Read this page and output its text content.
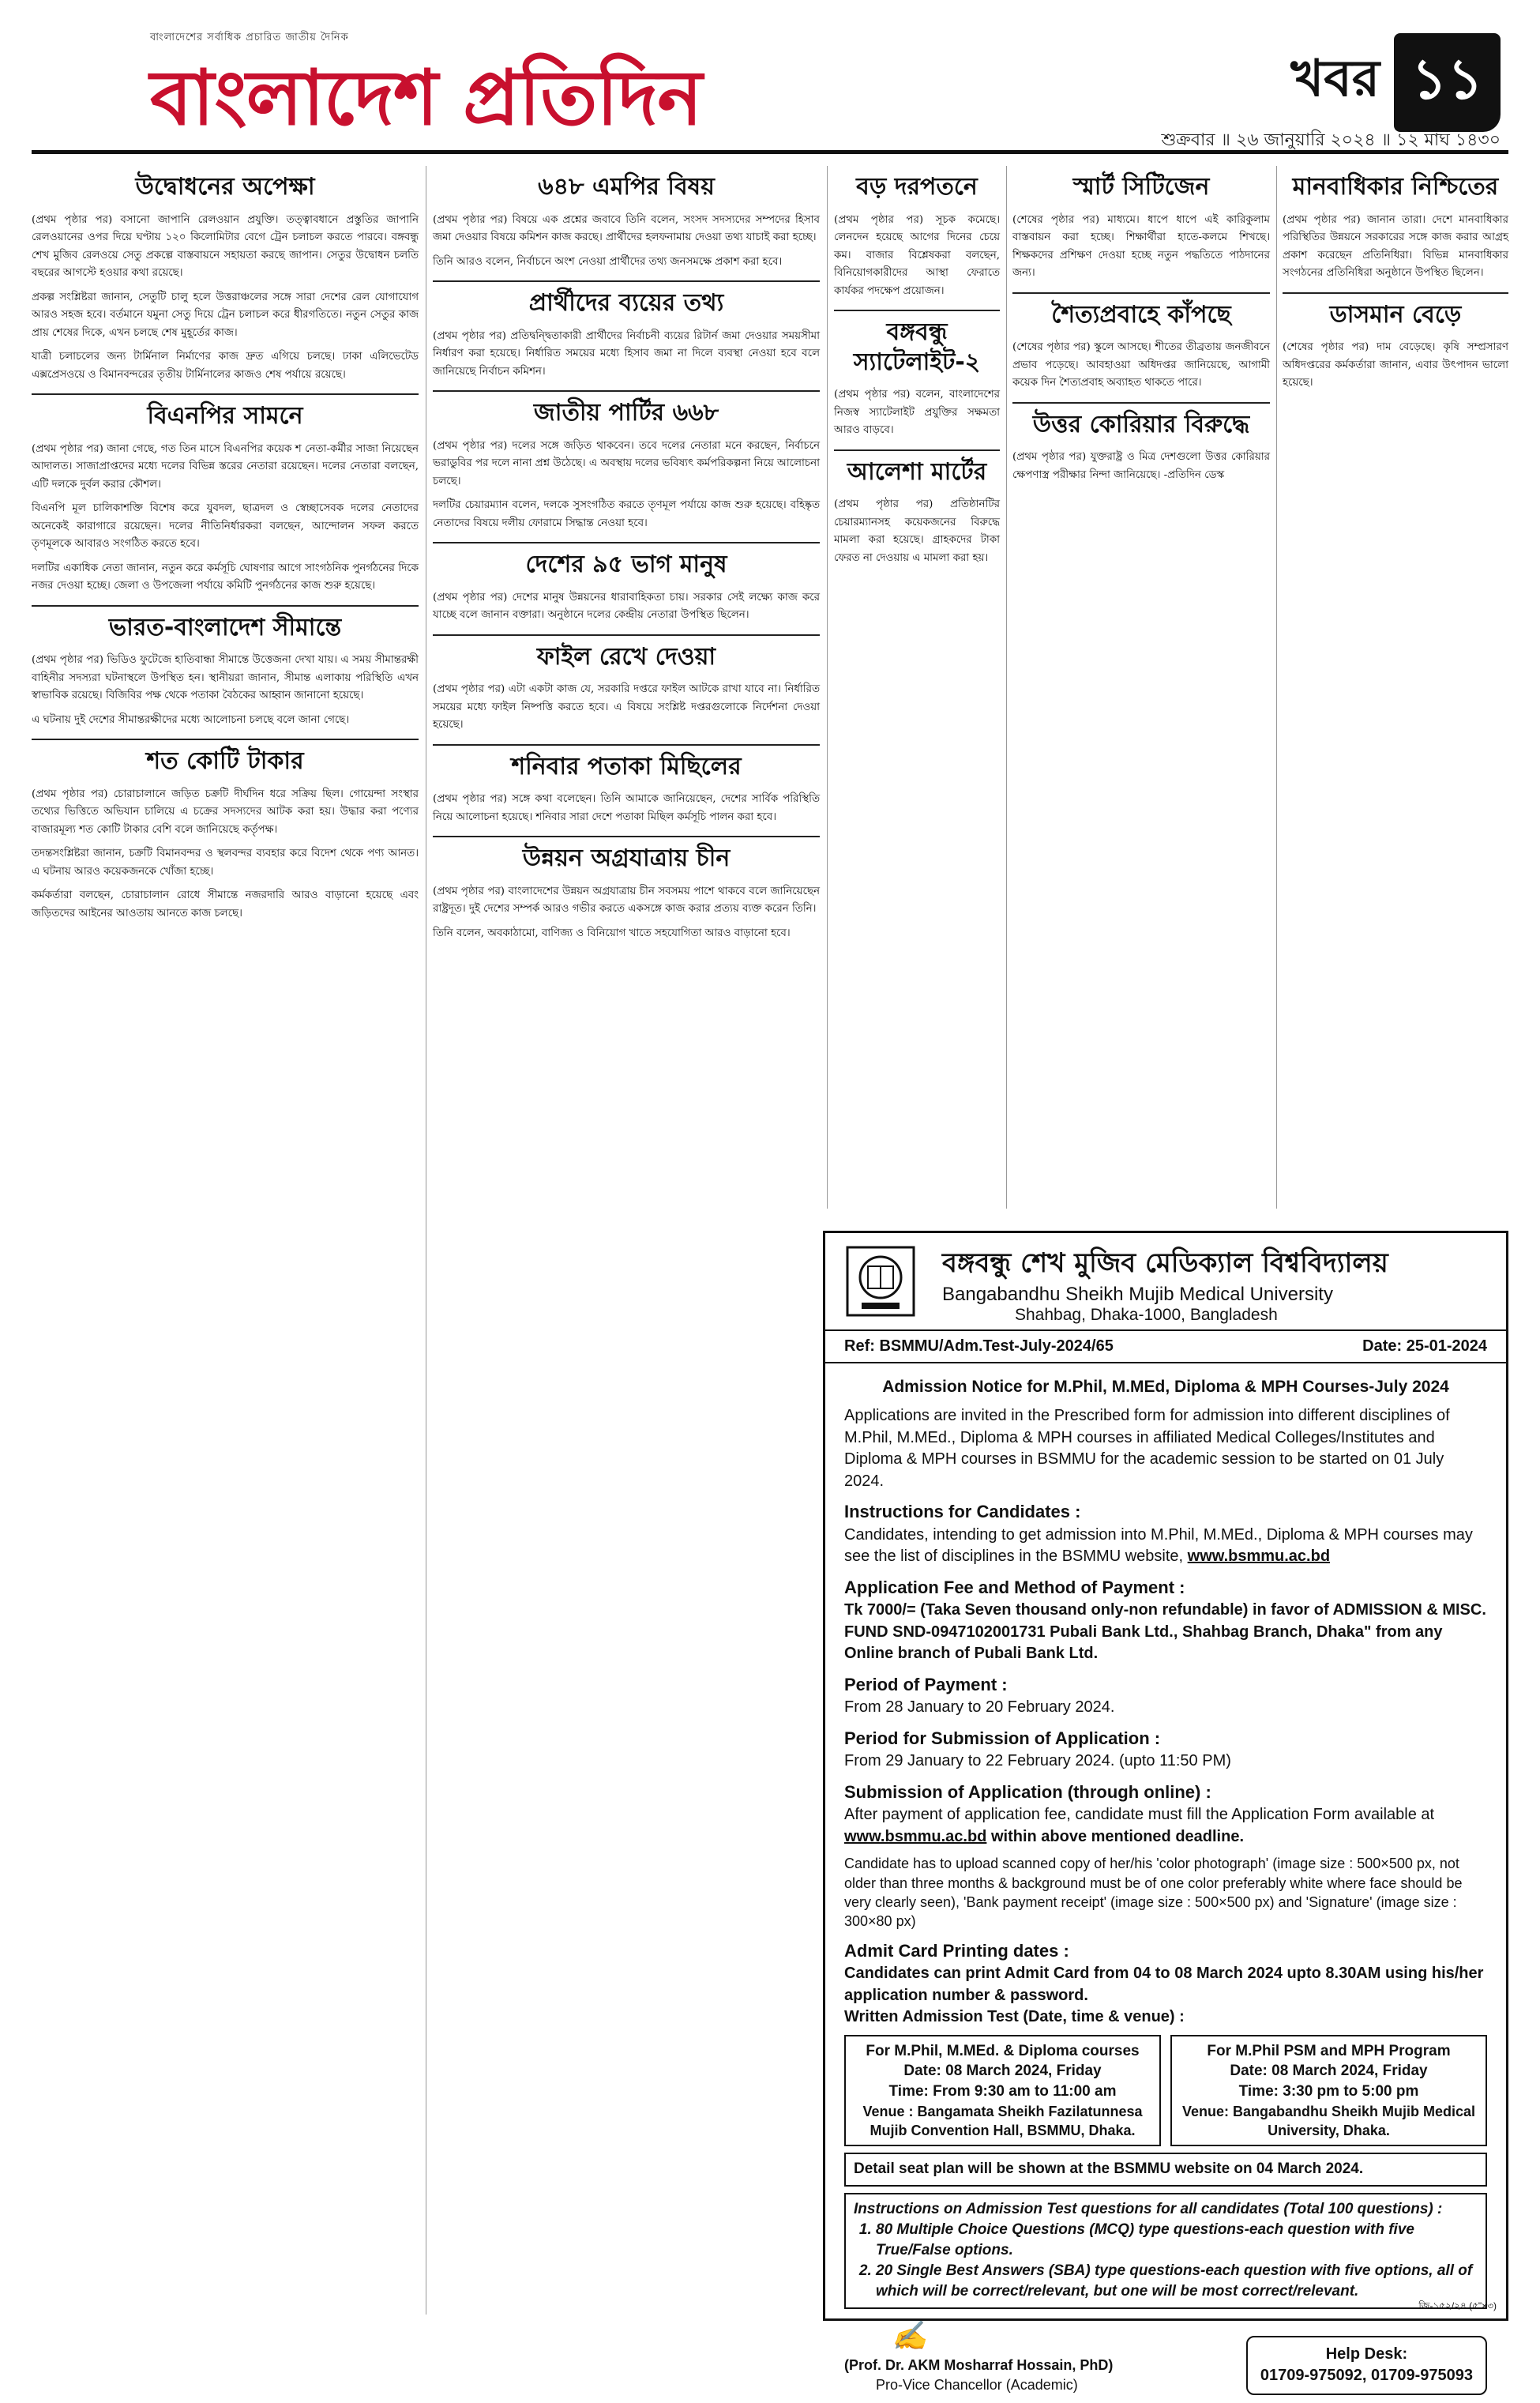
বাংলাদেশের সর্বাধিক প্রচারিত জাতীয় দৈনিক
বাংলাদেশ প্রতিদিন	খবর ১১
শুক্রবার ॥ ২৬ জানুয়ারি ২০২৪ ॥ ১২ মাঘ ১৪৩০
উদ্বোধনের অপেক্ষা

(প্রথম পৃষ্ঠার পর) বসানো জাপানি রেলওয়ান প্রযুক্তি। তত্ত্বাবধানে প্রস্তুতির জাপানি রেলওয়ানের ওপর দিয়ে ঘণ্টায় ১২০ কিলোমিটার বেগে ট্রেন চলাচল করতে পারবে। বঙ্গবন্ধু শেখ মুজিব রেলওয়ে সেতু প্রকল্পে বাস্তবায়নে সহায়তা করছে জাপান। সেতুর উদ্বোধন চলতি বছরের আগস্টে হওয়ার কথা রয়েছে।

প্রকল্প সংশ্লিষ্টরা জানান, সেতুটি চালু হলে উত্তরাঞ্চলের সঙ্গে সারা দেশের রেল যোগাযোগ আরও সহজ হবে। বর্তমানে যমুনা সেতু দিয়ে ট্রেন চলাচল করে ধীরগতিতে। নতুন সেতুর কাজ প্রায় শেষের দিকে, এখন চলছে শেষ মুহূর্তের কাজ।

যাত্রী চলাচলের জন্য টার্মিনাল নির্মাণের কাজ দ্রুত এগিয়ে চলছে। ঢাকা এলিভেটেড এক্সপ্রেসওয়ে ও বিমানবন্দরের তৃতীয় টার্মিনালের কাজও শেষ পর্যায়ে রয়েছে।

বিএনপির সামনে

(প্রথম পৃষ্ঠার পর) জানা গেছে, গত তিন মাসে বিএনপির কয়েক শ নেতা-কর্মীর সাজা নিয়েছেন আদালত। সাজাপ্রাপ্তদের মধ্যে দলের বিভিন্ন স্তরের নেতারা রয়েছেন। দলের নেতারা বলছেন, এটি দলকে দুর্বল করার কৌশল।

বিএনপি মূল চালিকাশক্তি বিশেষ করে যুবদল, ছাত্রদল ও স্বেচ্ছাসেবক দলের নেতাদের অনেকেই কারাগারে রয়েছেন। দলের নীতিনির্ধারকরা বলছেন, আন্দোলন সফল করতে তৃণমূলকে আবারও সংগঠিত করতে হবে।

দলটির একাধিক নেতা জানান, নতুন করে কর্মসূচি ঘোষণার আগে সাংগঠনিক পুনর্গঠনের দিকে নজর দেওয়া হচ্ছে। জেলা ও উপজেলা পর্যায়ে কমিটি পুনর্গঠনের কাজ শুরু হয়েছে।

ভারত-বাংলাদেশ সীমান্তে

(প্রথম পৃষ্ঠার পর) ভিডিও ফুটেজে হাতিবান্ধা সীমান্তে উত্তেজনা দেখা যায়। এ সময় সীমান্তরক্ষী বাহিনীর সদস্যরা ঘটনাস্থলে উপস্থিত হন। স্থানীয়রা জানান, সীমান্ত এলাকায় পরিস্থিতি এখন স্বাভাবিক রয়েছে। বিজিবির পক্ষ থেকে পতাকা বৈঠকের আহ্বান জানানো হয়েছে।

এ ঘটনায় দুই দেশের সীমান্তরক্ষীদের মধ্যে আলোচনা চলছে বলে জানা গেছে।

শত কোটি টাকার

(প্রথম পৃষ্ঠার পর) চোরাচালানে জড়িত চক্রটি দীর্ঘদিন ধরে সক্রিয় ছিল। গোয়েন্দা সংস্থার তথ্যের ভিত্তিতে অভিযান চালিয়ে এ চক্রের সদস্যদের আটক করা হয়। উদ্ধার করা পণ্যের বাজারমূল্য শত কোটি টাকার বেশি বলে জানিয়েছে কর্তৃপক্ষ।

তদন্তসংশ্লিষ্টরা জানান, চক্রটি বিমানবন্দর ও স্থলবন্দর ব্যবহার করে বিদেশ থেকে পণ্য আনত। এ ঘটনায় আরও কয়েকজনকে খোঁজা হচ্ছে।

কর্মকর্তারা বলছেন, চোরাচালান রোধে সীমান্তে নজরদারি আরও বাড়ানো হয়েছে এবং জড়িতদের আইনের আওতায় আনতে কাজ চলছে।

৬৪৮ এমপির বিষয়

(প্রথম পৃষ্ঠার পর) বিষয়ে এক প্রশ্নের জবাবে তিনি বলেন, সংসদ সদস্যদের সম্পদের হিসাব জমা দেওয়ার বিষয়ে কমিশন কাজ করছে। প্রার্থীদের হলফনামায় দেওয়া তথ্য যাচাই করা হচ্ছে।

তিনি আরও বলেন, নির্বাচনে অংশ নেওয়া প্রার্থীদের তথ্য জনসমক্ষে প্রকাশ করা হবে।

প্রার্থীদের ব্যয়ের তথ্য

(প্রথম পৃষ্ঠার পর) প্রতিদ্বন্দ্বিতাকারী প্রার্থীদের নির্বাচনী ব্যয়ের রিটার্ন জমা দেওয়ার সময়সীমা নির্ধারণ করা হয়েছে। নির্ধারিত সময়ের মধ্যে হিসাব জমা না দিলে ব্যবস্থা নেওয়া হবে বলে জানিয়েছে নির্বাচন কমিশন।

জাতীয় পার্টির ৬৬৮

(প্রথম পৃষ্ঠার পর) দলের সঙ্গে জড়িত থাকবেন। তবে দলের নেতারা মনে করছেন, নির্বাচনে ভরাডুবির পর দলে নানা প্রশ্ন উঠেছে। এ অবস্থায় দলের ভবিষ্যৎ কর্মপরিকল্পনা নিয়ে আলোচনা চলছে।

দলটির চেয়ারম্যান বলেন, দলকে সুসংগঠিত করতে তৃণমূল পর্যায়ে কাজ শুরু হয়েছে। বহিষ্কৃত নেতাদের বিষয়ে দলীয় ফোরামে সিদ্ধান্ত নেওয়া হবে।

দেশের ৯৫ ভাগ মানুষ

(প্রথম পৃষ্ঠার পর) দেশের মানুষ উন্নয়নের ধারাবাহিকতা চায়। সরকার সেই লক্ষ্যে কাজ করে যাচ্ছে বলে জানান বক্তারা। অনুষ্ঠানে দলের কেন্দ্রীয় নেতারা উপস্থিত ছিলেন।

ফাইল রেখে দেওয়া

(প্রথম পৃষ্ঠার পর) এটা একটা কাজ যে, সরকারি দপ্তরে ফাইল আটকে রাখা যাবে না। নির্ধারিত সময়ের মধ্যে ফাইল নিষ্পত্তি করতে হবে। এ বিষয়ে সংশ্লিষ্ট দপ্তরগুলোকে নির্দেশনা দেওয়া হয়েছে।

শনিবার পতাকা মিছিলের

(প্রথম পৃষ্ঠার পর) সঙ্গে কথা বলেছেন। তিনি আমাকে জানিয়েছেন, দেশের সার্বিক পরিস্থিতি নিয়ে আলোচনা হয়েছে। শনিবার সারা দেশে পতাকা মিছিল কর্মসূচি পালন করা হবে।

উন্নয়ন অগ্রযাত্রায় চীন

(প্রথম পৃষ্ঠার পর) বাংলাদেশের উন্নয়ন অগ্রযাত্রায় চীন সবসময় পাশে থাকবে বলে জানিয়েছেন রাষ্ট্রদূত। দুই দেশের সম্পর্ক আরও গভীর করতে একসঙ্গে কাজ করার প্রত্যয় ব্যক্ত করেন তিনি।

তিনি বলেন, অবকাঠামো, বাণিজ্য ও বিনিয়োগ খাতে সহযোগিতা আরও বাড়ানো হবে।

বড় দরপতনে

(প্রথম পৃষ্ঠার পর) সূচক কমেছে। লেনদেন হয়েছে আগের দিনের চেয়ে কম। বাজার বিশ্লেষকরা বলছেন, বিনিয়োগকারীদের আস্থা ফেরাতে কার্যকর পদক্ষেপ প্রয়োজন।

বঙ্গবন্ধু স্যাটেলাইট-২

(প্রথম পৃষ্ঠার পর) বলেন, বাংলাদেশের নিজস্ব স্যাটেলাইট প্রযুক্তির সক্ষমতা আরও বাড়বে।

আলেশা মার্টের

(প্রথম পৃষ্ঠার পর) প্রতিষ্ঠানটির চেয়ারম্যানসহ কয়েকজনের বিরুদ্ধে মামলা করা হয়েছে। গ্রাহকদের টাকা ফেরত না দেওয়ায় এ মামলা করা হয়।

স্মার্ট সিটিজেন

(শেষের পৃষ্ঠার পর) মাধ্যমে। ধাপে ধাপে এই কারিকুলাম বাস্তবায়ন করা হচ্ছে। শিক্ষার্থীরা হাতে-কলমে শিখছে। শিক্ষকদের প্রশিক্ষণ দেওয়া হচ্ছে নতুন পদ্ধতিতে পাঠদানের জন্য।

শৈত্যপ্রবাহে কাঁপছে

(শেষের পৃষ্ঠার পর) স্কুলে আসছে। শীতের তীব্রতায় জনজীবনে প্রভাব পড়েছে। আবহাওয়া অধিদপ্তর জানিয়েছে, আগামী কয়েক দিন শৈত্যপ্রবাহ অব্যাহত থাকতে পারে।

উত্তর কোরিয়ার বিরুদ্ধে

(প্রথম পৃষ্ঠার পর) যুক্তরাষ্ট্র ও মিত্র দেশগুলো উত্তর কোরিয়ার ক্ষেপণাস্ত্র পরীক্ষার নিন্দা জানিয়েছে। -প্রতিদিন ডেস্ক

মানবাধিকার নিশ্চিতের

(প্রথম পৃষ্ঠার পর) জানান তারা। দেশে মানবাধিকার পরিস্থিতির উন্নয়নে সরকারের সঙ্গে কাজ করার আগ্রহ প্রকাশ করেছেন প্রতিনিধিরা। বিভিন্ন মানবাধিকার সংগঠনের প্রতিনিধিরা অনুষ্ঠানে উপস্থিত ছিলেন।

ডাসমান বেড়ে

(শেষের পৃষ্ঠার পর) দাম বেড়েছে। কৃষি সম্প্রসারণ অধিদপ্তরের কর্মকর্তারা জানান, এবার উৎপাদন ভালো হয়েছে।

বঙ্গবন্ধু শেখ মুজিব মেডিক্যাল বিশ্ববিদ্যালয়
Bangabandhu Sheikh Mujib Medical University
Shahbag, Dhaka-1000, Bangladesh
Ref: BSMMU/Adm.Test-July-2024/65	Date: 25-01-2024
Admission Notice for M.Phil, M.MEd, Diploma & MPH Courses-July 2024
Applications are invited in the Prescribed form for admission into different disciplines of M.Phil, M.MEd., Diploma & MPH courses in affiliated Medical Colleges/Institutes and Diploma & MPH courses in BSMMU for the academic session to be started on 01 July 2024.
Instructions for Candidates :
Candidates, intending to get admission into M.Phil, M.MEd., Diploma & MPH courses may see the list of disciplines in the BSMMU website, www.bsmmu.ac.bd
Application Fee and Method of Payment :
Tk 7000/= (Taka Seven thousand only-non refundable) in favor of ADMISSION & MISC. FUND SND-0947102001731 Pubali Bank Ltd., Shahbag Branch, Dhaka" from any Online branch of Pubali Bank Ltd.
Period of Payment :
From 28 January to 20 February 2024.
Period for Submission of Application :
From 29 January to 22 February 2024. (upto 11:50 PM)
Submission of Application (through online) :
After payment of application fee, candidate must fill the Application Form available at www.bsmmu.ac.bd within above mentioned deadline.
Candidate has to upload scanned copy of her/his 'color photograph' (image size : 500×500 px, not older than three months & background must be of one color preferably white where face should be very clearly seen), 'Bank payment receipt' (image size : 500×500 px) and 'Signature' (image size : 300×80 px)
Admit Card Printing dates :
Candidates can print Admit Card from 04 to 08 March 2024 upto 8.30AM using his/her application number & password.
Written Admission Test (Date, time & venue) :
For M.Phil, M.MEd. & Diploma courses
Date: 08 March 2024, Friday
Time: From 9:30 am to 11:00 am
Venue : Bangamata Sheikh Fazilatunnesa Mujib Convention Hall, BSMMU, Dhaka.
For M.Phil PSM and MPH Program
Date: 08 March 2024, Friday
Time: 3:30 pm to 5:00 pm
Venue: Bangabandhu Sheikh Mujib Medical University, Dhaka.
Detail seat plan will be shown at the BSMMU website on 04 March 2024.
Instructions on Admission Test questions for all candidates (Total 100 questions) :
1. 80 Multiple Choice Questions (MCQ) type questions-each question with five True/False options.
2. 20 Single Best Answers (SBA) type questions-each question with five options, all of which will be correct/relevant, but one will be most correct/relevant.
✍
(Prof. Dr. AKM Mosharraf Hossain, PhD)
Pro-Vice Chancellor (Academic)
Help Desk:
01709-975092, 01709-975093
জি-১৫২/২৪ (৫"×৩)
